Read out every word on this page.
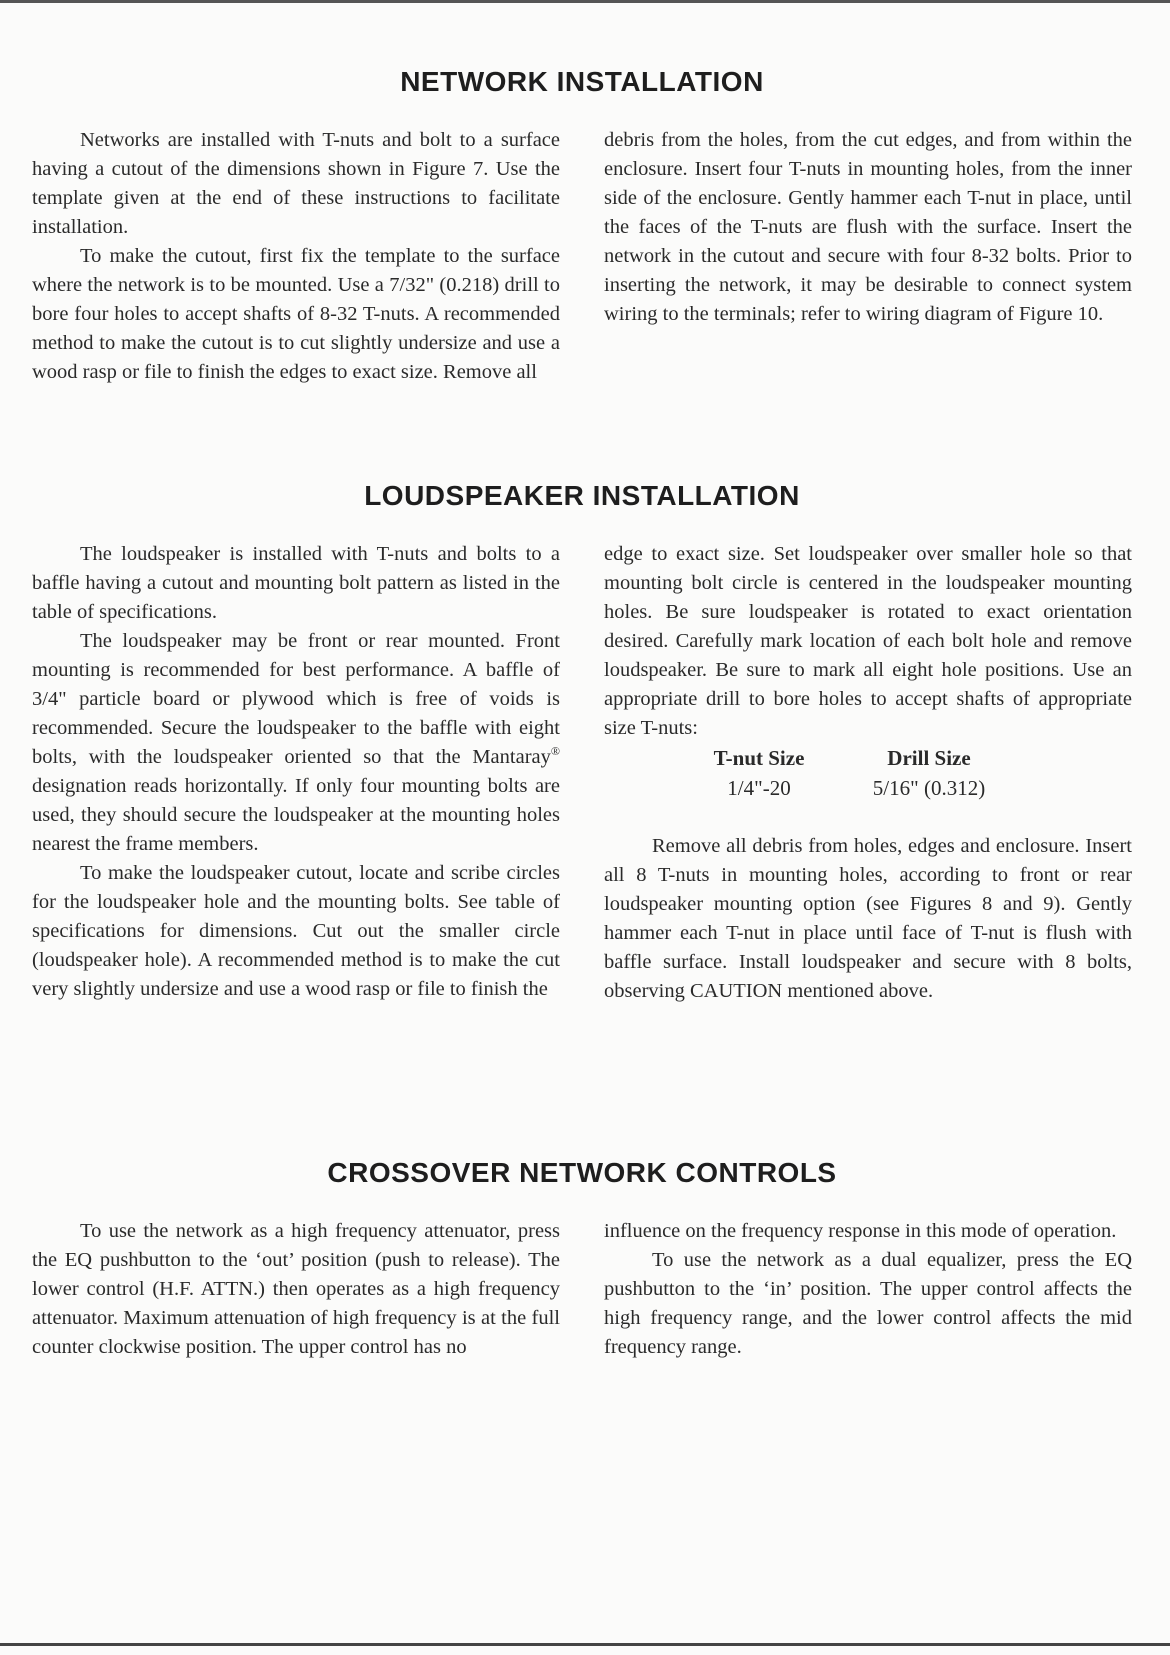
NETWORK INSTALLATION

Networks are installed with T-nuts and bolt to a surface having a cutout of the dimensions shown in Figure 7. Use the template given at the end of these instructions to facilitate installation.

To make the cutout, first fix the template to the surface where the network is to be mounted. Use a 7/32" (0.218) drill to bore four holes to accept shafts of 8-32 T-nuts. A recommended method to make the cutout is to cut slightly undersize and use a wood rasp or file to finish the edges to exact size. Remove all

debris from the holes, from the cut edges, and from within the enclosure. Insert four T-nuts in mounting holes, from the inner side of the enclosure. Gently hammer each T-nut in place, until the faces of the T-nuts are flush with the surface. Insert the network in the cutout and secure with four 8-32 bolts. Prior to inserting the network, it may be desirable to connect system wiring to the terminals; refer to wiring diagram of Figure 10.

LOUDSPEAKER INSTALLATION

The loudspeaker is installed with T-nuts and bolts to a baffle having a cutout and mounting bolt pattern as listed in the table of specifications.

The loudspeaker may be front or rear mounted. Front mounting is recommended for best performance. A baffle of 3/4" particle board or plywood which is free of voids is recommended. Secure the loudspeaker to the baffle with eight bolts, with the loudspeaker oriented so that the Mantaray® designation reads horizontally. If only four mounting bolts are used, they should secure the loudspeaker at the mounting holes nearest the frame members.

To make the loudspeaker cutout, locate and scribe circles for the loudspeaker hole and the mounting bolts. See table of specifications for dimensions. Cut out the smaller circle (loudspeaker hole). A recommended method is to make the cut very slightly undersize and use a wood rasp or file to finish the

edge to exact size. Set loudspeaker over smaller hole so that mounting bolt circle is centered in the loudspeaker mounting holes. Be sure loudspeaker is rotated to exact orientation desired. Carefully mark location of each bolt hole and remove loudspeaker. Be sure to mark all eight hole positions. Use an appropriate drill to bore holes to accept shafts of appropriate size T-nuts:

T-nut Size	Drill Size
1/4"-20	5/16" (0.312)

Remove all debris from holes, edges and enclosure. Insert all 8 T-nuts in mounting holes, according to front or rear loudspeaker mounting option (see Figures 8 and 9). Gently hammer each T-nut in place until face of T-nut is flush with baffle surface. Install loudspeaker and secure with 8 bolts, observing CAUTION mentioned above.

CROSSOVER NETWORK CONTROLS

To use the network as a high frequency attenuator, press the EQ pushbutton to the ‘out’ position (push to release). The lower control (H.F. ATTN.) then operates as a high frequency attenuator. Maximum attenuation of high frequency is at the full counter clockwise position. The upper control has no

influence on the frequency response in this mode of operation.

To use the network as a dual equalizer, press the EQ pushbutton to the ‘in’ position. The upper control affects the high frequency range, and the lower control affects the mid frequency range.
